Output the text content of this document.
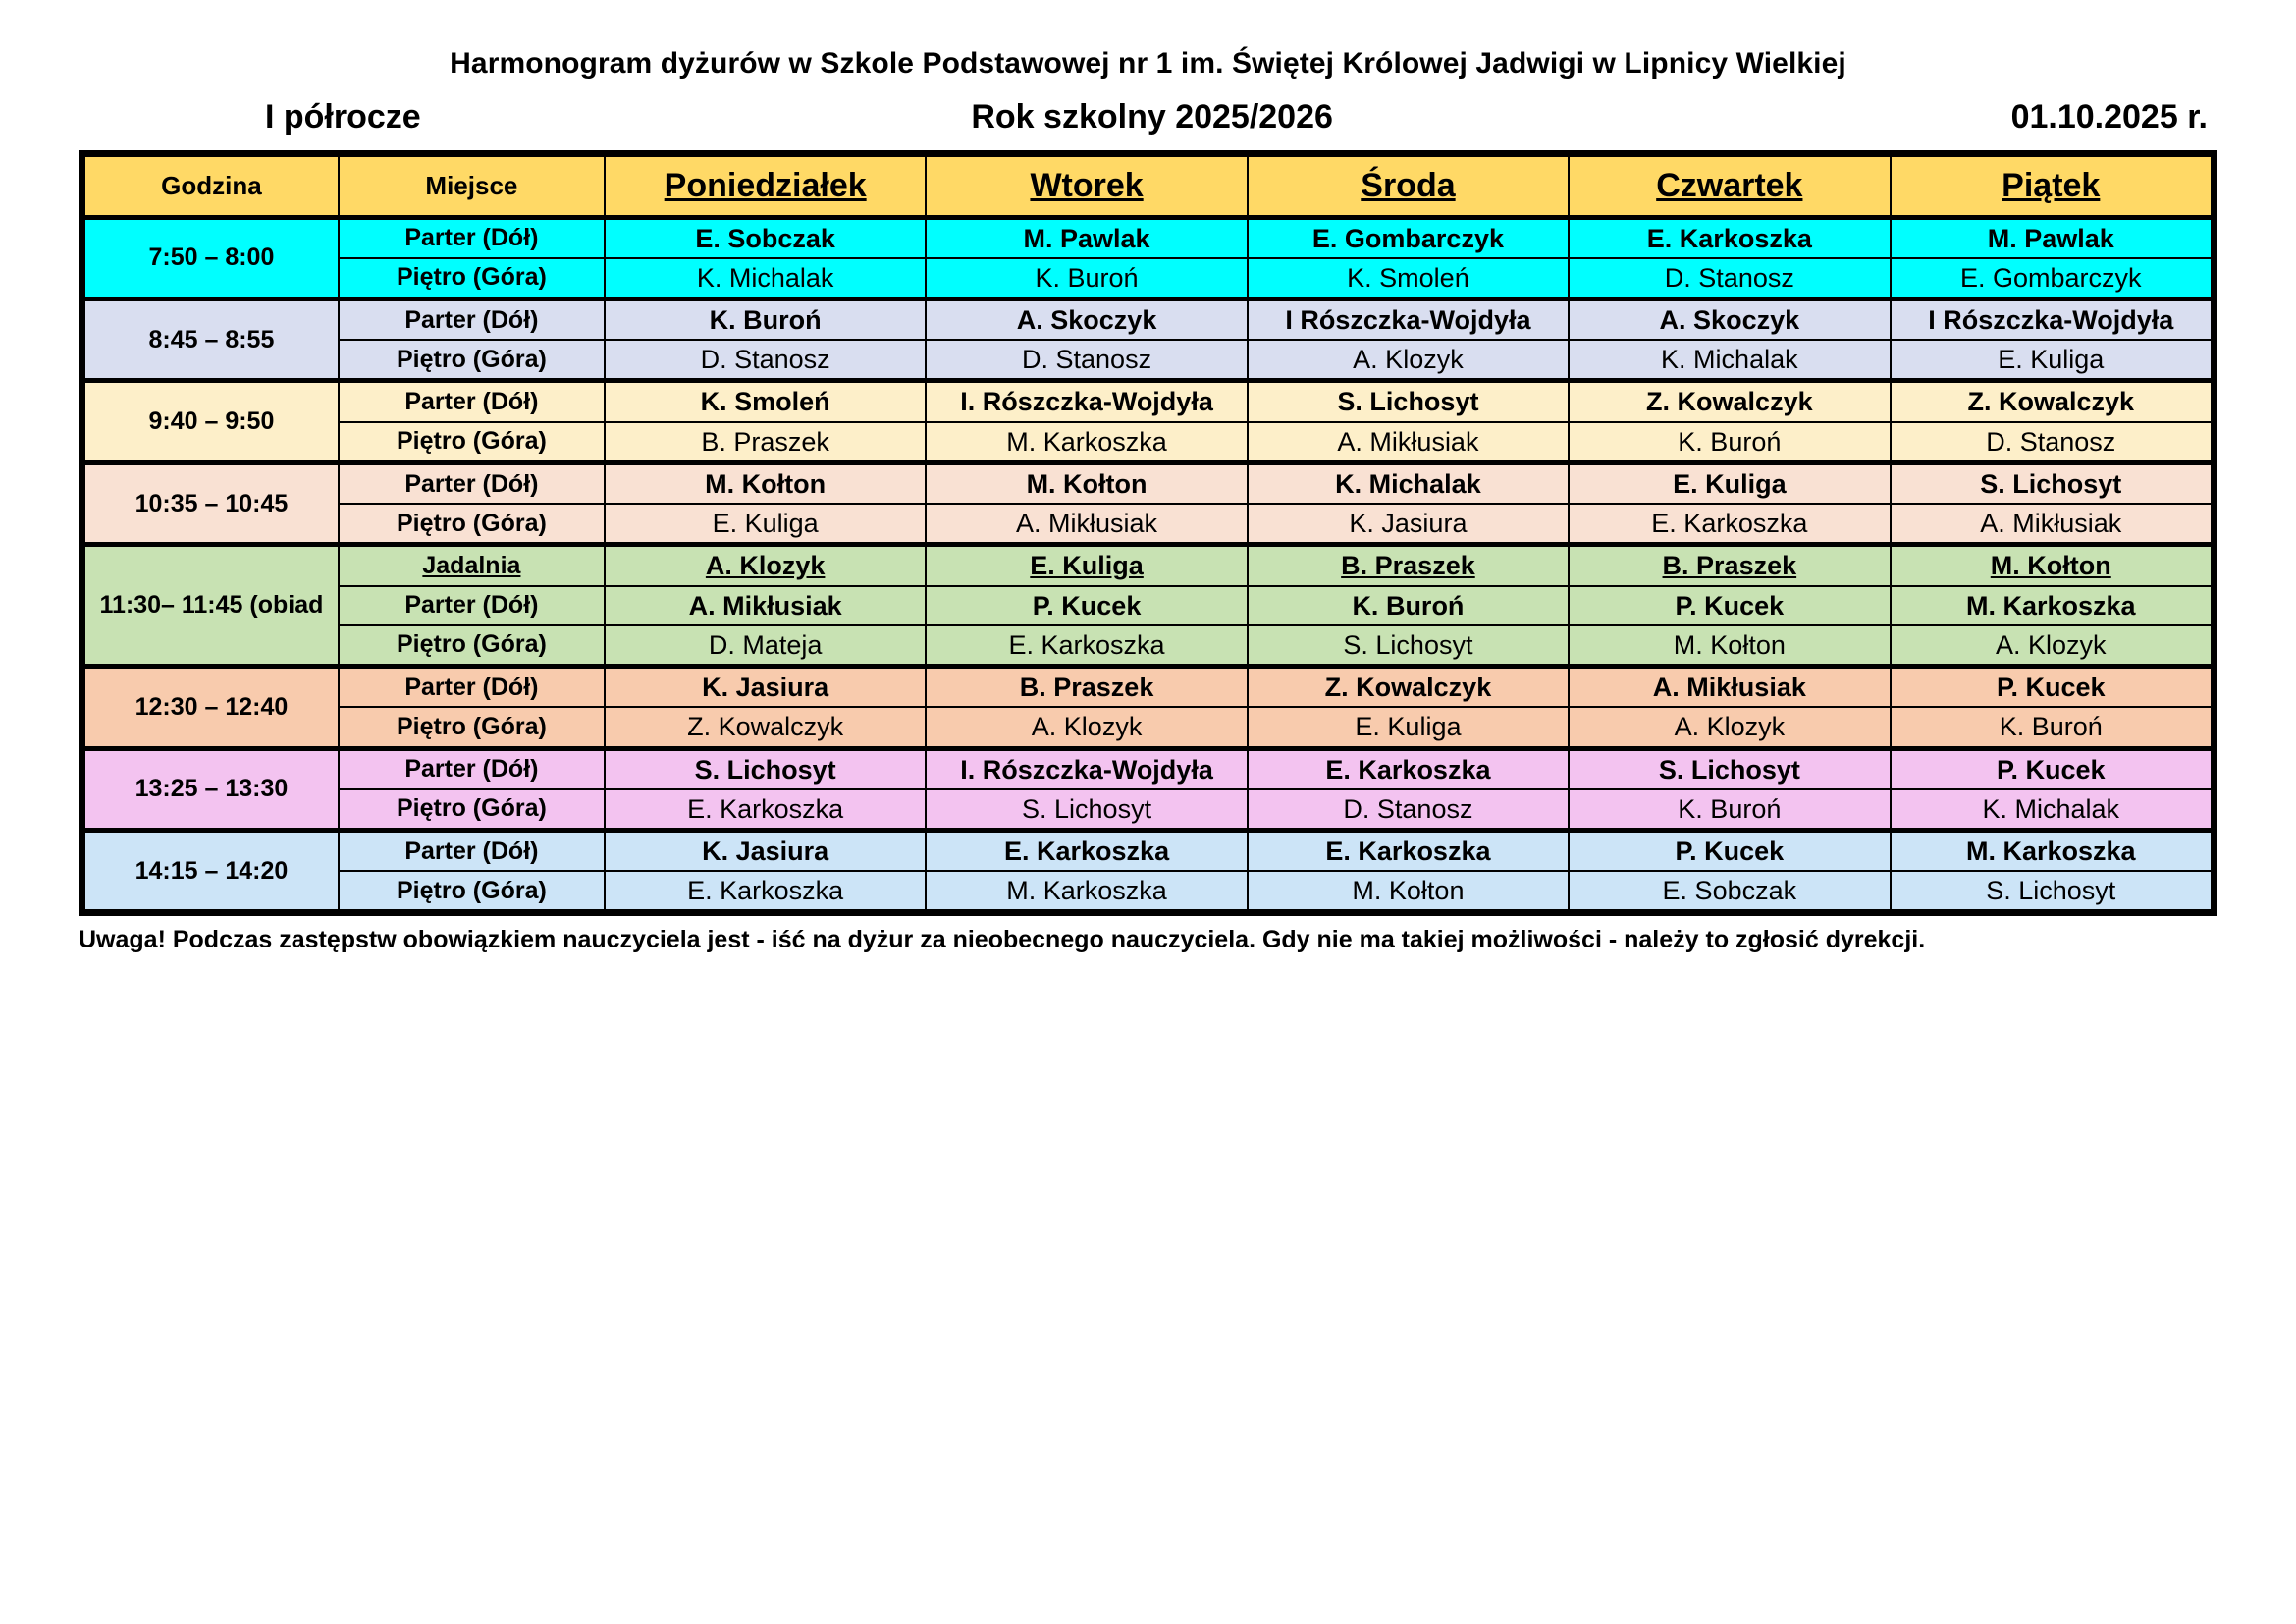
Harmonogram dyżurów w Szkole Podstawowej nr 1 im. Świętej Królowej Jadwigi w Lipnicy Wielkiej
I półrocze	Rok szkolny 2025/2026	01.10.2025 r.
Godzina	Miejsce	Poniedziałek	Wtorek	Środa	Czwartek	Piątek
7:50 – 8:00	Parter (Dół)	E. Sobczak	M. Pawlak	E. Gombarczyk	E. Karkoszka	M. Pawlak
	Piętro (Góra)	K. Michalak	K. Buroń	K. Smoleń	D. Stanosz	E. Gombarczyk
8:45 – 8:55	Parter (Dół)	K. Buroń	A. Skoczyk	I Rószczka-Wojdyła	A. Skoczyk	I Rószczka-Wojdyła
	Piętro (Góra)	D. Stanosz	D. Stanosz	A. Klozyk	K. Michalak	E. Kuliga
9:40 – 9:50	Parter (Dół)	K. Smoleń	I. Rószczka-Wojdyła	S. Lichosyt	Z. Kowalczyk	Z. Kowalczyk
	Piętro (Góra)	B. Praszek	M. Karkoszka	A. Mikłusiak	K. Buroń	D. Stanosz
10:35 – 10:45	Parter (Dół)	M. Kołton	M. Kołton	K. Michalak	E. Kuliga	S. Lichosyt
	Piętro (Góra)	E. Kuliga	A. Mikłusiak	K. Jasiura	E. Karkoszka	A. Mikłusiak
11:30– 11:45 (obiad	Jadalnia	A. Klozyk	E. Kuliga	B. Praszek	B. Praszek	M. Kołton
	Parter (Dół)	A. Mikłusiak	P. Kucek	K. Buroń	P. Kucek	M. Karkoszka
	Piętro (Góra)	D. Mateja	E. Karkoszka	S. Lichosyt	M. Kołton	A. Klozyk
12:30 – 12:40	Parter (Dół)	K. Jasiura	B. Praszek	Z. Kowalczyk	A. Mikłusiak	P. Kucek
	Piętro (Góra)	Z. Kowalczyk	A. Klozyk	E. Kuliga	A. Klozyk	K. Buroń
13:25 – 13:30	Parter (Dół)	S. Lichosyt	I. Rószczka-Wojdyła	E. Karkoszka	S. Lichosyt	P. Kucek
	Piętro (Góra)	E. Karkoszka	S. Lichosyt	D. Stanosz	K. Buroń	K. Michalak
14:15 – 14:20	Parter (Dół)	K. Jasiura	E. Karkoszka	E. Karkoszka	P. Kucek	M. Karkoszka
	Piętro (Góra)	E. Karkoszka	M. Karkoszka	M. Kołton	E. Sobczak	S. Lichosyt
Uwaga! Podczas zastępstw obowiązkiem nauczyciela jest - iść na dyżur za nieobecnego nauczyciela. Gdy nie ma takiej możliwości - należy to zgłosić dyrekcji.
